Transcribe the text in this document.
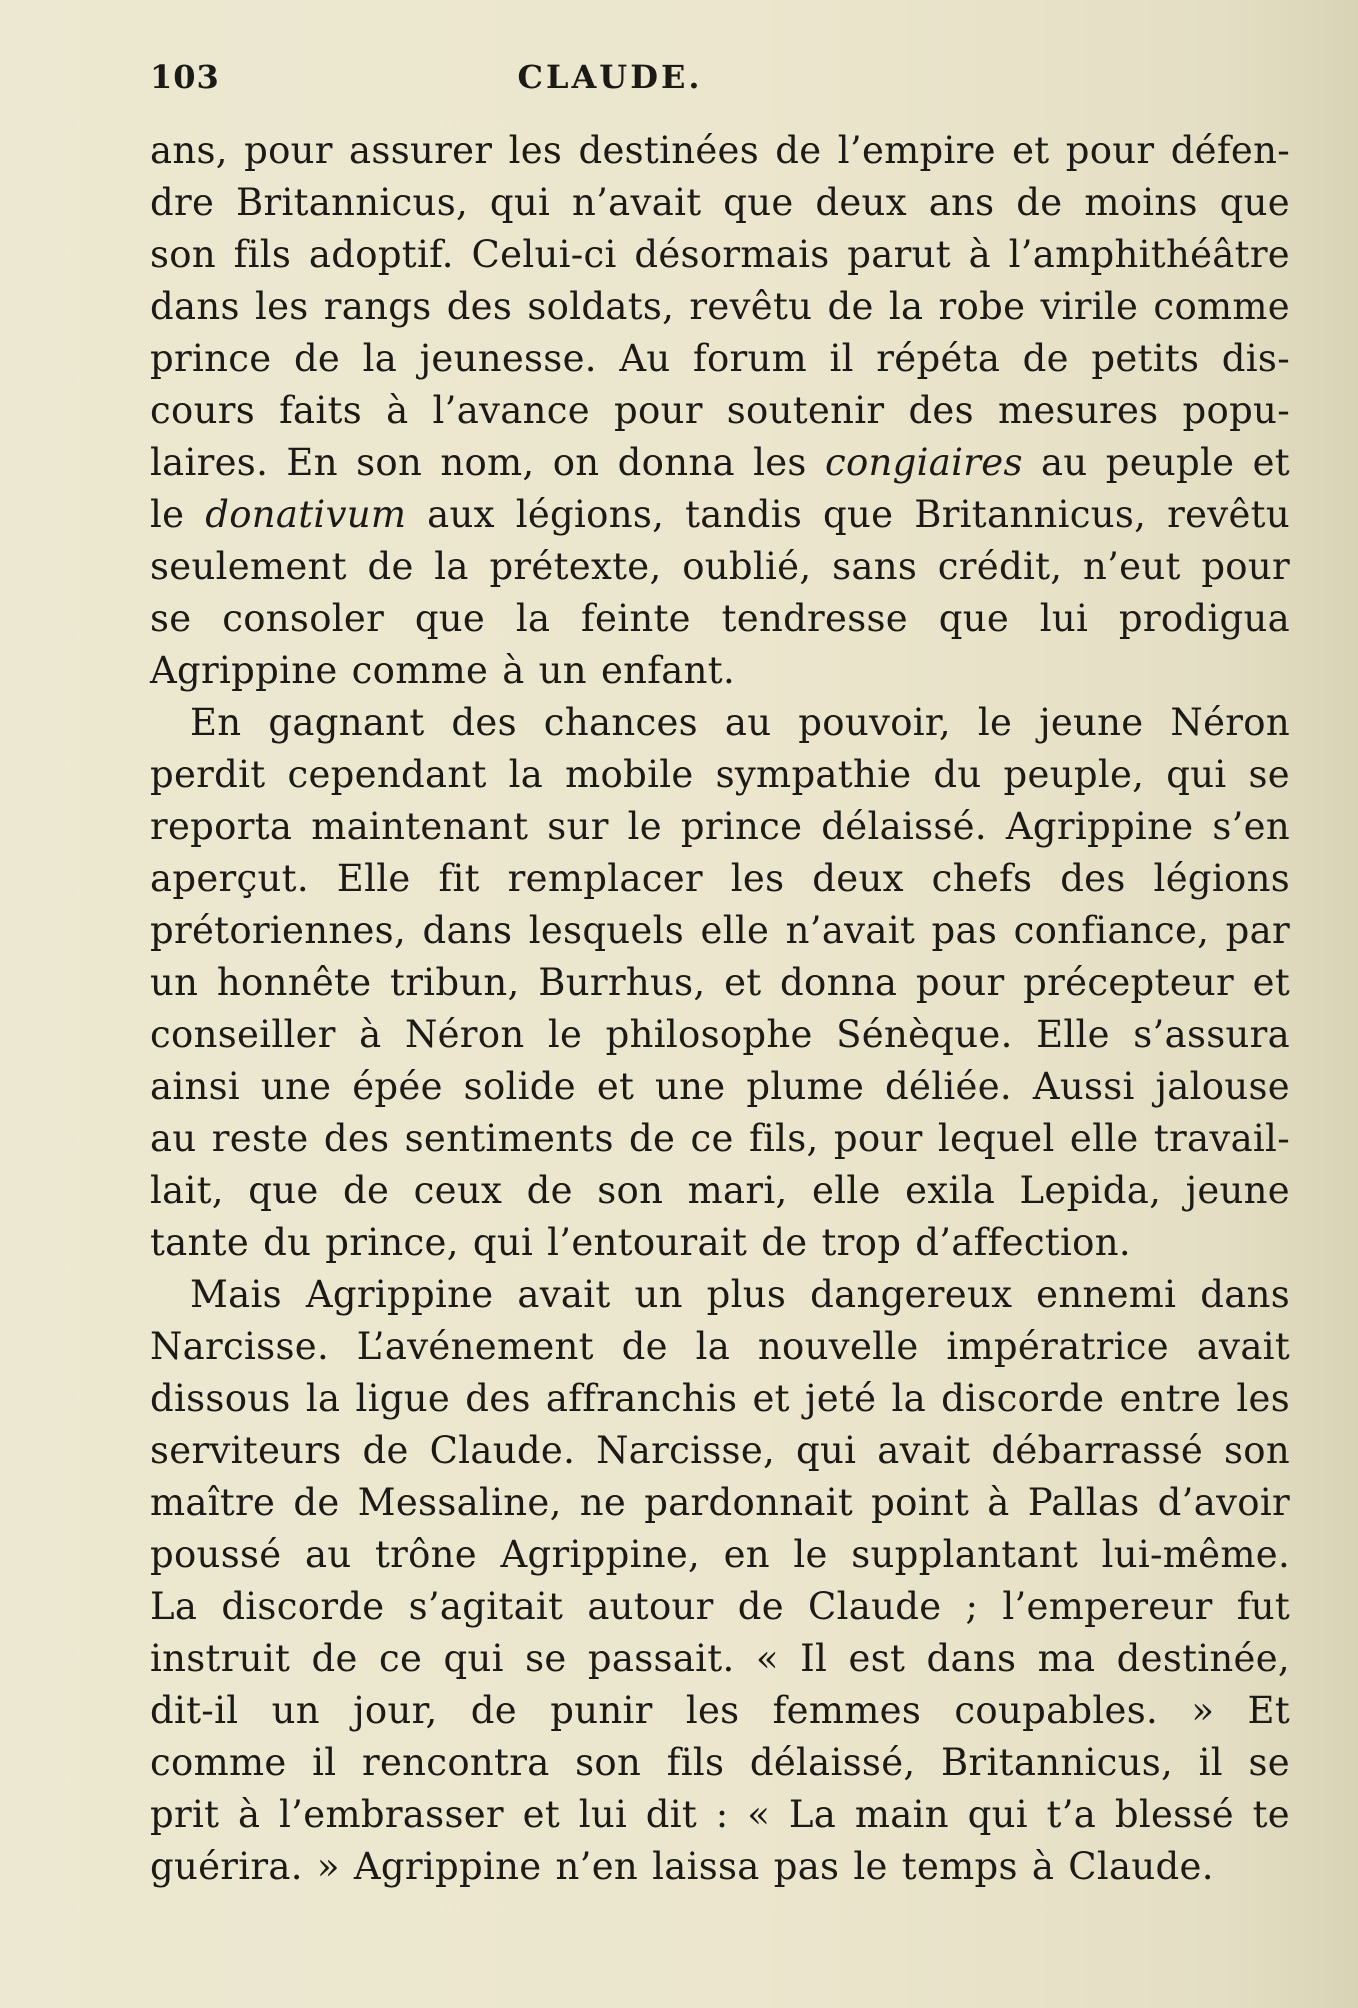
103	CLAUDE.
ans, pour assurer les destinées de l’empire et pour défen-
dre Britannicus, qui n’avait que deux ans de moins que
son fils adoptif. Celui-ci désormais parut à l’amphithéâtre
dans les rangs des soldats, revêtu de la robe virile comme
prince de la jeunesse. Au forum il répéta de petits dis-
cours faits à l’avance pour soutenir des mesures popu-
laires. En son nom, on donna les congiaires au peuple et
le donativum aux légions, tandis que Britannicus, revêtu
seulement de la prétexte, oublié, sans crédit, n’eut pour
se consoler que la feinte tendresse que lui prodigua
Agrippine comme à un enfant.
En gagnant des chances au pouvoir, le jeune Néron
perdit cependant la mobile sympathie du peuple, qui se
reporta maintenant sur le prince délaissé. Agrippine s’en
aperçut. Elle fit remplacer les deux chefs des légions
prétoriennes, dans lesquels elle n’avait pas confiance, par
un honnête tribun, Burrhus, et donna pour précepteur et
conseiller à Néron le philosophe Sénèque. Elle s’assura
ainsi une épée solide et une plume déliée. Aussi jalouse
au reste des sentiments de ce fils, pour lequel elle travail-
lait, que de ceux de son mari, elle exila Lepida, jeune
tante du prince, qui l’entourait de trop d’affection.
Mais Agrippine avait un plus dangereux ennemi dans
Narcisse. L’avénement de la nouvelle impératrice avait
dissous la ligue des affranchis et jeté la discorde entre les
serviteurs de Claude. Narcisse, qui avait débarrassé son
maître de Messaline, ne pardonnait point à Pallas d’avoir
poussé au trône Agrippine, en le supplantant lui-même.
La discorde s’agitait autour de Claude ; l’empereur fut
instruit de ce qui se passait. « Il est dans ma destinée,
dit-il un jour, de punir les femmes coupables. » Et
comme il rencontra son fils délaissé, Britannicus, il se
prit à l’embrasser et lui dit : « La main qui t’a blessé te
guérira. » Agrippine n’en laissa pas le temps à Claude.
